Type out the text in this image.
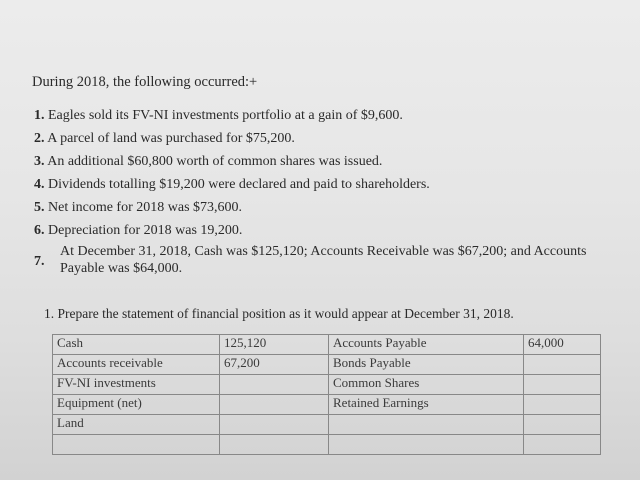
During 2018, the following occurred:+
1. Eagles sold its FV-NI investments portfolio at a gain of $9,600.
2. A parcel of land was purchased for $75,200.
3. An additional $60,800 worth of common shares was issued.
4. Dividends totalling $19,200 were declared and paid to shareholders.
5. Net income for 2018 was $73,600.
6. Depreciation for 2018 was 19,200.
7.
At December 31, 2018, Cash was $125,120; Accounts Receivable was $67,200; and Accounts
Payable was $64,000.
1. Prepare the statement of financial position as it would appear at December 31, 2018.
Cash	125,120	Accounts Payable	64,000
Accounts receivable	67,200	Bonds Payable	
FV-NI investments		Common Shares	
Equipment (net)		Retained Earnings	
Land			
